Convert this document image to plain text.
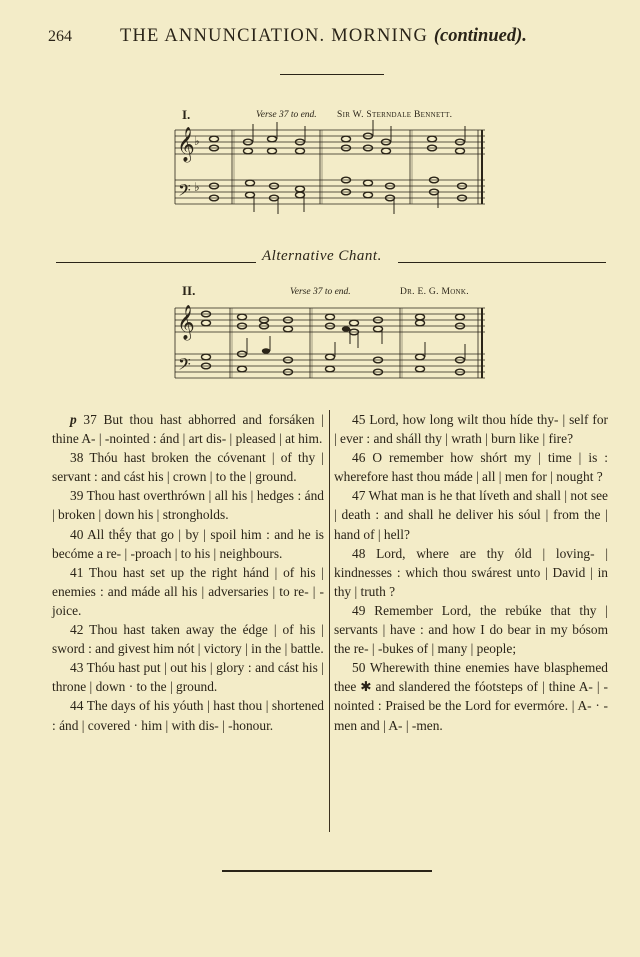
264	THE ANNUNCIATION. MORNING (continued).
I.	Verse 37 to end. Sir W. Sterndale Bennett.
𝄞
𝄢
♭
♭
Alternative Chant.
II.	Verse 37 to end.	Dr. E. G. Monk.
𝄞
𝄢

p 37 But thou hast abhorred and forsáken | thine A- | -nointed : ánd | art dis- | pleased | at him.

38 Thóu hast broken the cóvenant | of thy | servant : and cást his | crown | to the | ground.

39 Thou hast overthrówn | all his | hedges : ánd | broken | down his | strongholds.

40 All thḗy that go | by | spoil him : and he is becóme a re- | -proach | to his | neighbours.

41 Thou hast set up the right hánd | of his | enemies : and máde all his | adversaries | to re- | -joice.

42 Thou hast taken away the édge | of his | sword : and givest him nót | victory | in the | battle.

43 Thóu hast put | out his | glory : and cást his | throne | down · to the | ground.

44 The days of his yóuth | hast thou | shortened : ánd | covered · him | with dis- | -honour.

45 Lord, how long wilt thou híde thy- | self for | ever : and sháll thy | wrath | burn like | fire?

46 O remember how shórt my | time | is : wherefore hast thou máde | all | men for | nought ?

47 What man is he that líveth and shall | not see | death : and shall he deliver his sóul | from the | hand of | hell?

48 Lord, where are thy óld | loving- | kindnesses : which thou swárest unto | David | in thy | truth ?

49 Remember Lord, the rebúke that thy | servants | have : and how I do bear in my bósom the re- | -bukes of | many | people;

50 Wherewith thine enemies have blasphemed thee ✱ and slandered the fóotsteps of | thine A- | -nointed : Praised be the Lord for evermóre. | A- · -men and | A- | -men.
